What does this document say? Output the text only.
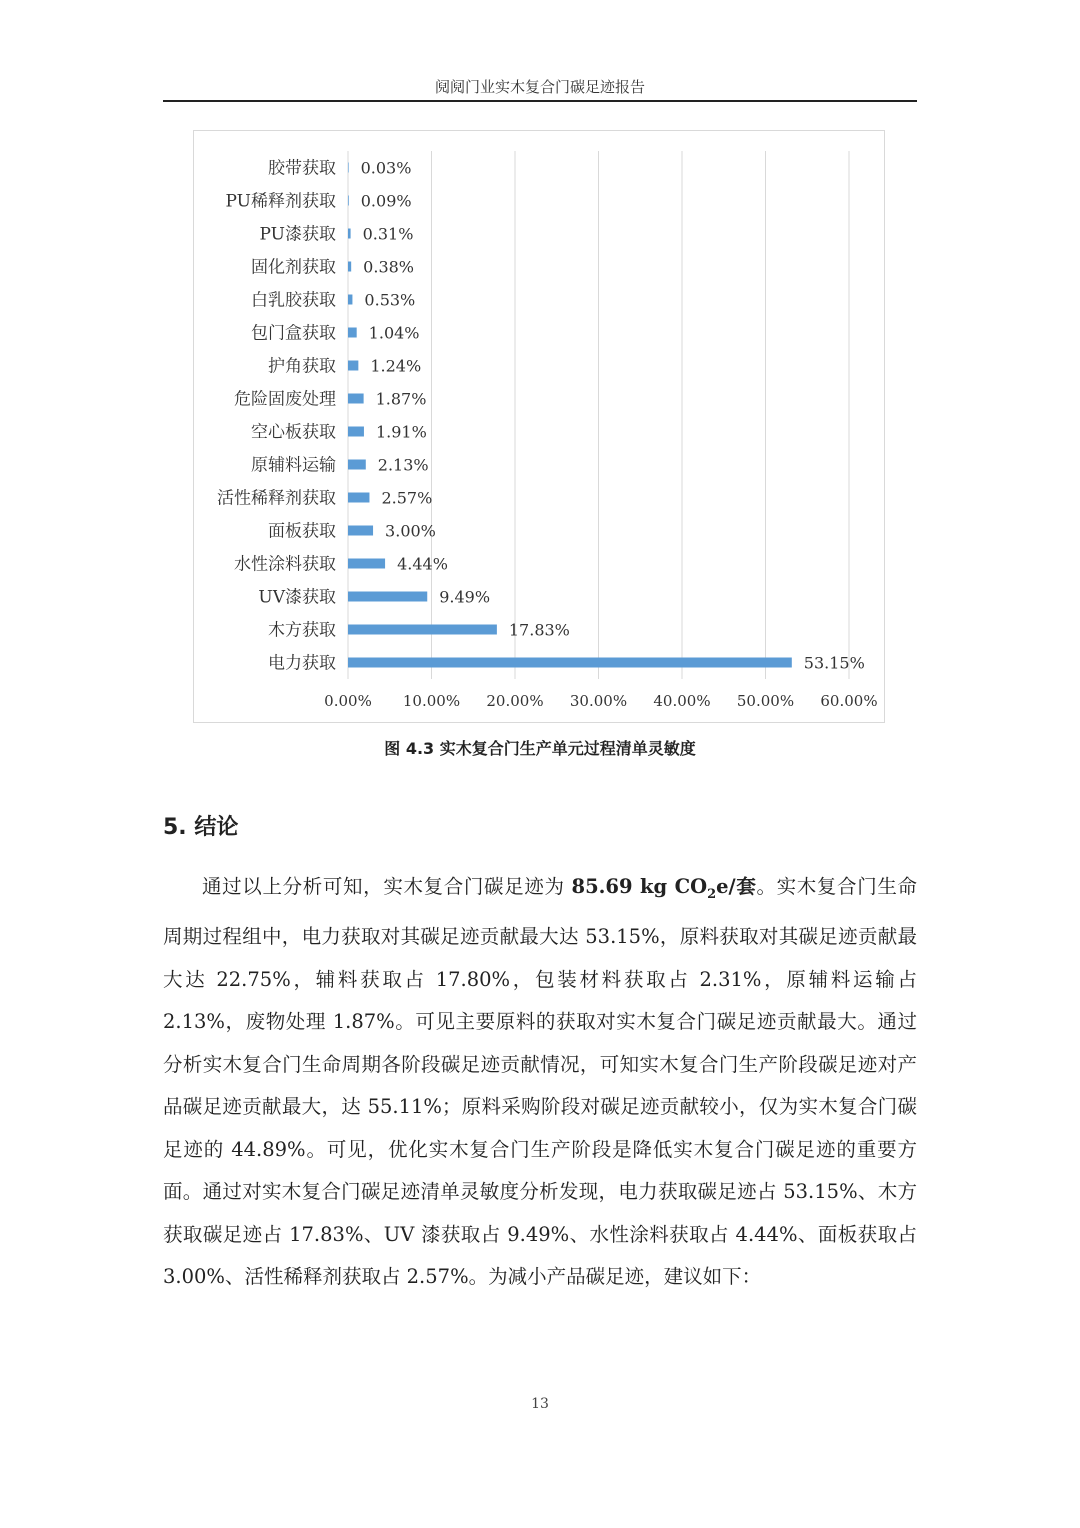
阋阋门业实木复合门碳足迹报告
0.00% 10.00% 20.00% 30.00% 40.00% 50.00% 60.00%
胶带获取 0.03%
PU稀释剂获取 0.09%
PU漆获取 0.31%
固化剂获取 0.38%
白乳胶获取 0.53%
包门盒获取 1.04%
护角获取 1.24%
危险固废处理 1.87%
空心板获取 1.91%
原辅料运输	2.13%
活性稀释剂获取	2.57%
面板获取	3.00%
水性涂料获取	4.44%
UV漆获取	9.49%
木方获取	17.83%
电力获取	53.15%
图 4.3 实木复合门生产单元过程清单灵敏度
5. 结论
通过以上分析可知，实木复合门碳足迹为 85.69 kg $CO_2e/$套。实木复合门生命周期过程组中，电力获取对其碳足迹贡献最大达 53.15%，原料获取对其碳足迹贡献最大达 22.75%，辅料获取占 17.80%，包装材料获取占 2.31%，原辅料运输占 2.13%，废物处理 1.87%。可见主要原料的获取对实木复合门碳足迹贡献最大。通过分析实木复合门生命周期各阶段碳足迹贡献情况，可知实木复合门生产阶段碳足迹对产品碳足迹贡献最大，达 55.11%；原料采购阶段对碳足迹贡献较小，仅为实木复合门碳足迹的 44.89%。可见，优化实木复合门生产阶段是降低实木复合门碳足迹的重要方面。通过对实木复合门碳足迹清单灵敏度分析发现，电力获取碳足迹占 53.15%、木方获取碳足迹占 17.83%、UV 漆获取占 9.49%、水性涂料获取占 4.44%、面板获取占 3.00%、活性稀释剂获取占 2.57%。为减小产品碳足迹，建议如下：
13
